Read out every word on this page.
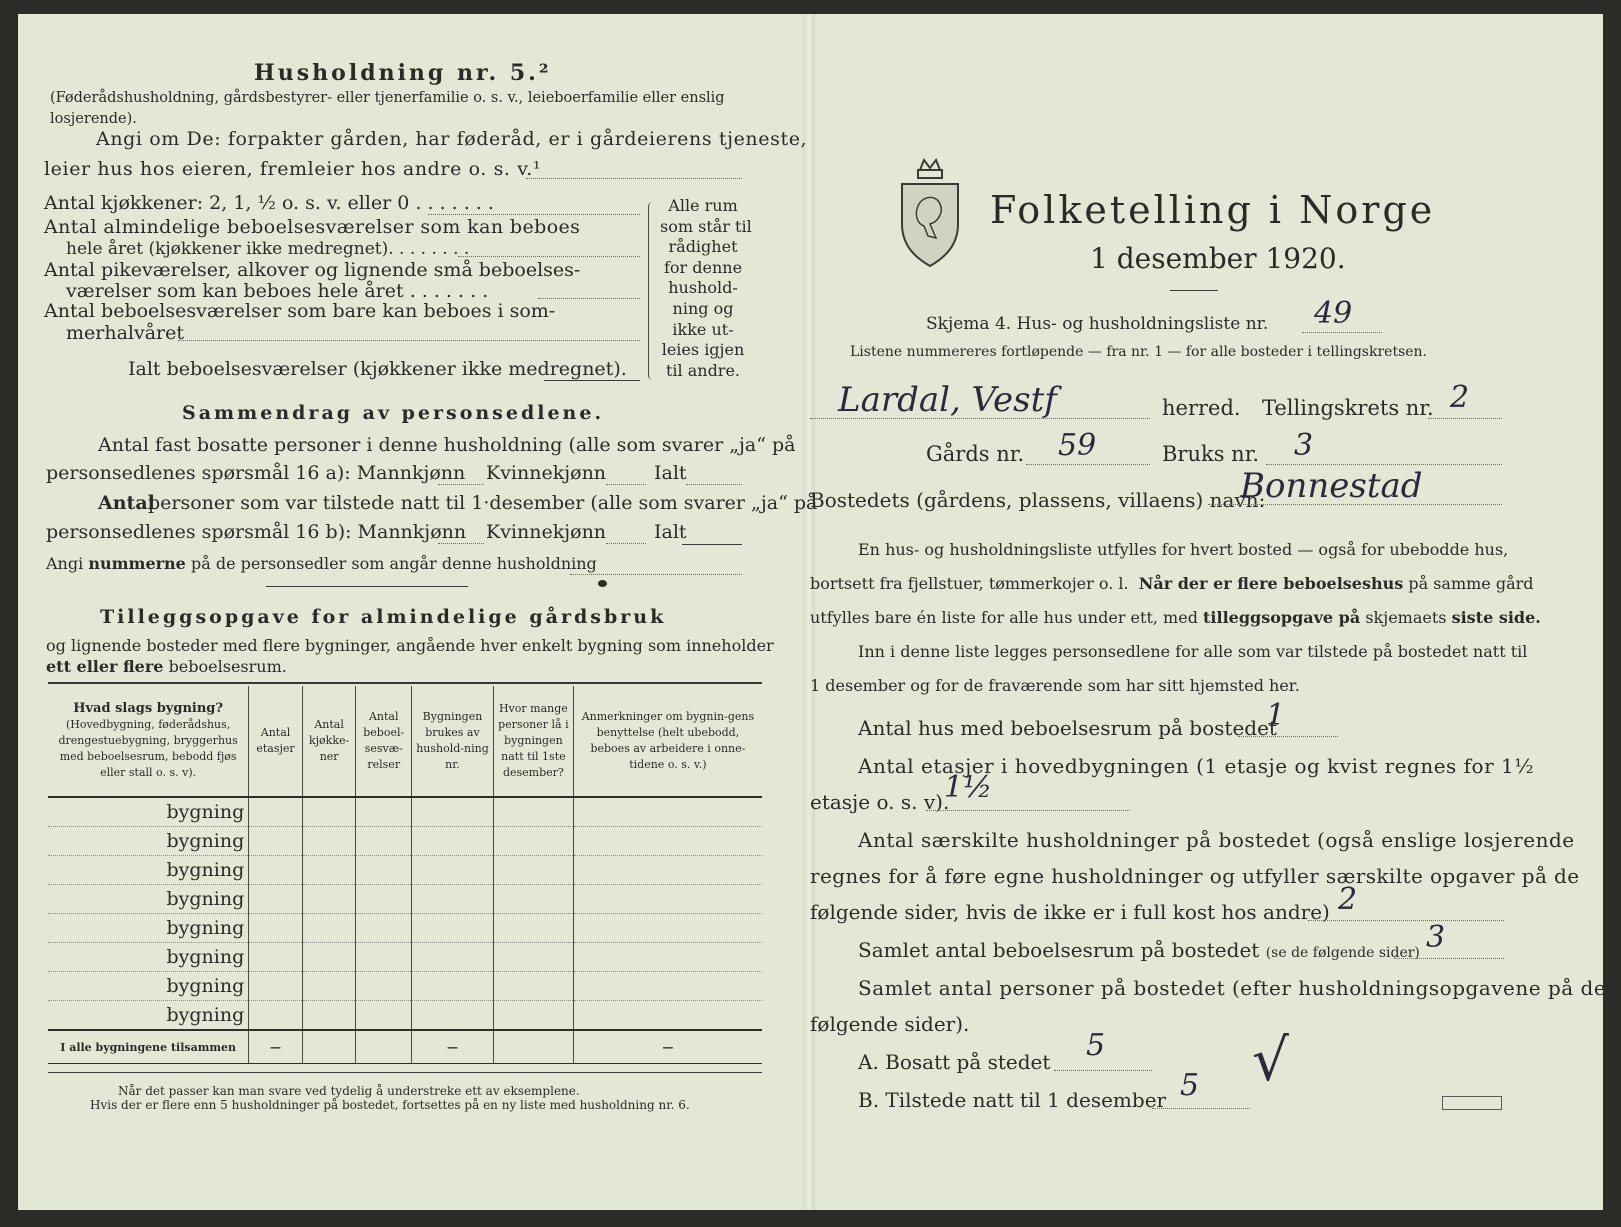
Husholdning nr. 5.²
(Føderådshusholdning, gårdsbestyrer- eller tjenerfamilie o. s. v., leieboerfamilie eller enslig losjerende).
Angi om De: forpakter gården, har føderåd, er i gårdeierens tjeneste,
leier hus hos eieren, fremleier hos andre o. s. v.¹
Antal kjøkkener: 2, 1, ½ o. s. v. eller 0 . . . . . . .
Antal almindelige beboelsesværelser som kan beboes
hele året (kjøkkener ikke medregnet). . . . . . . .
Antal pikeværelser, alkover og lignende små beboelses-
værelser som kan beboes hele året . . . . . . .
Antal beboelsesværelser som bare kan beboes i som-
merhalvåret
Ialt beboelsesværelser (kjøkkener ikke medregnet).
Alle rum
som står til
rådighet
for denne
hushold-
ning og
ikke ut-
leies igjen
til andre.
Sammendrag av personsedlene.
Antal fast bosatte personer i denne husholdning (alle som svarer „ja“ på
personsedlenes spørsmål 16 a): Mannkjønn Kvinnekjønn	Ialt
Antal
personer som var tilstede natt til 1·desember (alle som svarer „ja“ på
personsedlenes spørsmål 16 b): Mannkjønn Kvinnekjønn	Ialt
Angi nummerne på de personsedler som angår denne husholdning
Tilleggsopgave for almindelige gårdsbruk
og lignende bosteder med flere bygninger, angående hver enkelt bygning som inneholder
ett eller flere beboelsesrum.
Hvad slags bygning?
(Hovedbygning, føderådshus, drengestuebygning, bryggerhus med beboelsesrum, bebodd fjøs eller stall o. s. v).	Antal etasjer	Antal kjøkke-ner	Antal beboel-sesvæ-relser	Bygningen brukes av hushold-ning nr.	Hvor mange personer lå i bygningen natt til 1ste desember?	Anmerkninger om bygnin-gens benyttelse (helt ubebodd, beboes av arbeidere i onne-tidene o. s. v.)
bygning						
bygning						
bygning						
bygning						
bygning						
bygning						
bygning						
bygning						
I alle bygningene tilsammen	—			—		—
Når det passer kan man svare ved tydelig å understreke ett av eksemplene.
Hvis der er flere enn 5 husholdninger på bostedet, fortsettes på en ny liste med husholdning nr. 6.
Folketelling i Norge
1 desember 1920.
Skjema 4. Hus- og husholdningsliste nr. 49
Listene nummereres fortløpende — fra nr. 1 — for alle bosteder i tellingskretsen.
Lardal, Vestf	herred. Tellingskrets nr. 2
Gårds nr. 59	Bruks nr. 3
Bostedets (gårdens, plassens, villaens) navn:
Bonnestad
En hus- og husholdningsliste utfylles for hvert bosted — også for ubebodde hus,
bortsett fra fjellstuer, tømmerkojer o. l. Når der er flere beboelseshus på samme gård
utfylles bare én liste for alle hus under ett, med tilleggsopgave på skjemaets siste side.
Inn i denne liste legges personsedlene for alle som var tilstede på bostedet natt til
1 desember og for de fraværende som har sitt hjemsted her.
Antal hus med beboelsesrum på bostedet
1
Antal etasjer i hovedbygningen (1 etasje og kvist regnes for 1½
etasje o. s. v).
1½
Antal særskilte husholdninger på bostedet (også enslige losjerende
regnes for å føre egne husholdninger og utfyller særskilte opgaver på de
følgende sider, hvis de ikke er i full kost hos andre) 2
Samlet antal beboelsesrum på bostedet (se de følgende sider) 3
Samlet antal personer på bostedet (efter husholdningsopgavene på de
følgende sider).
A. Bosatt på stedet 5
B. Tilstede natt til 1 desember 5 √
